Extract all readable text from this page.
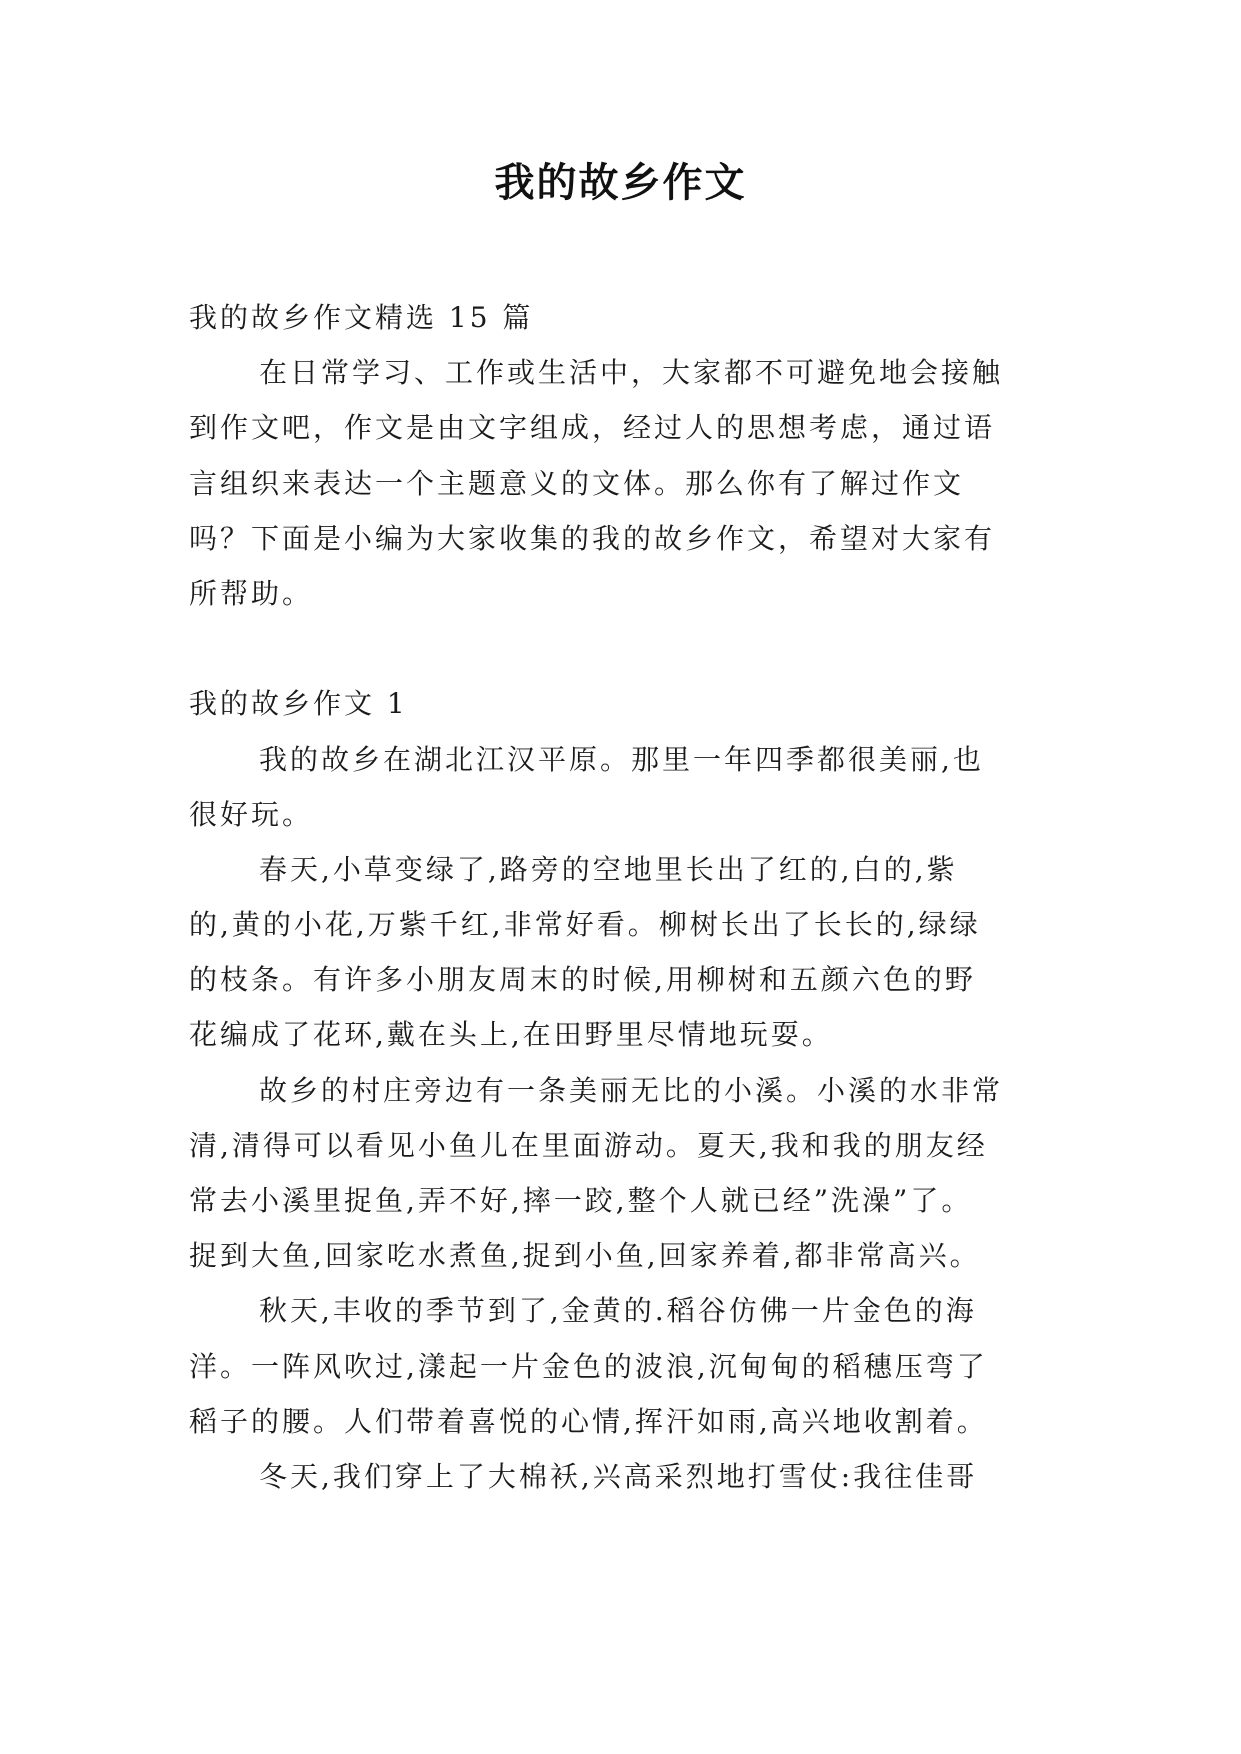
我的故乡作文
我的故乡作文精选 15 篇
在日常学习、工作或生活中，大家都不可避免地会接触
到作文吧，作文是由文字组成，经过人的思想考虑，通过语
言组织来表达一个主题意义的文体。那么你有了解过作文
吗？下面是小编为大家收集的我的故乡作文，希望对大家有
所帮助。
我的故乡作文 1
我的故乡在湖北江汉平原。那里一年四季都很美丽,也
很好玩。
春天,小草变绿了,路旁的空地里长出了红的,白的,紫
的,黄的小花,万紫千红,非常好看。柳树长出了长长的,绿绿
的枝条。有许多小朋友周末的时候,用柳树和五颜六色的野
花编成了花环,戴在头上,在田野里尽情地玩耍。
故乡的村庄旁边有一条美丽无比的小溪。小溪的水非常
清,清得可以看见小鱼儿在里面游动。夏天,我和我的朋友经
常去小溪里捉鱼,弄不好,摔一跤,整个人就已经”洗澡”了。
捉到大鱼,回家吃水煮鱼,捉到小鱼,回家养着,都非常高兴。
秋天,丰收的季节到了,金黄的.稻谷仿佛一片金色的海
洋。一阵风吹过,漾起一片金色的波浪,沉甸甸的稻穗压弯了
稻子的腰。人们带着喜悦的心情,挥汗如雨,高兴地收割着。
冬天,我们穿上了大棉袄,兴高采烈地打雪仗:我往佳哥
